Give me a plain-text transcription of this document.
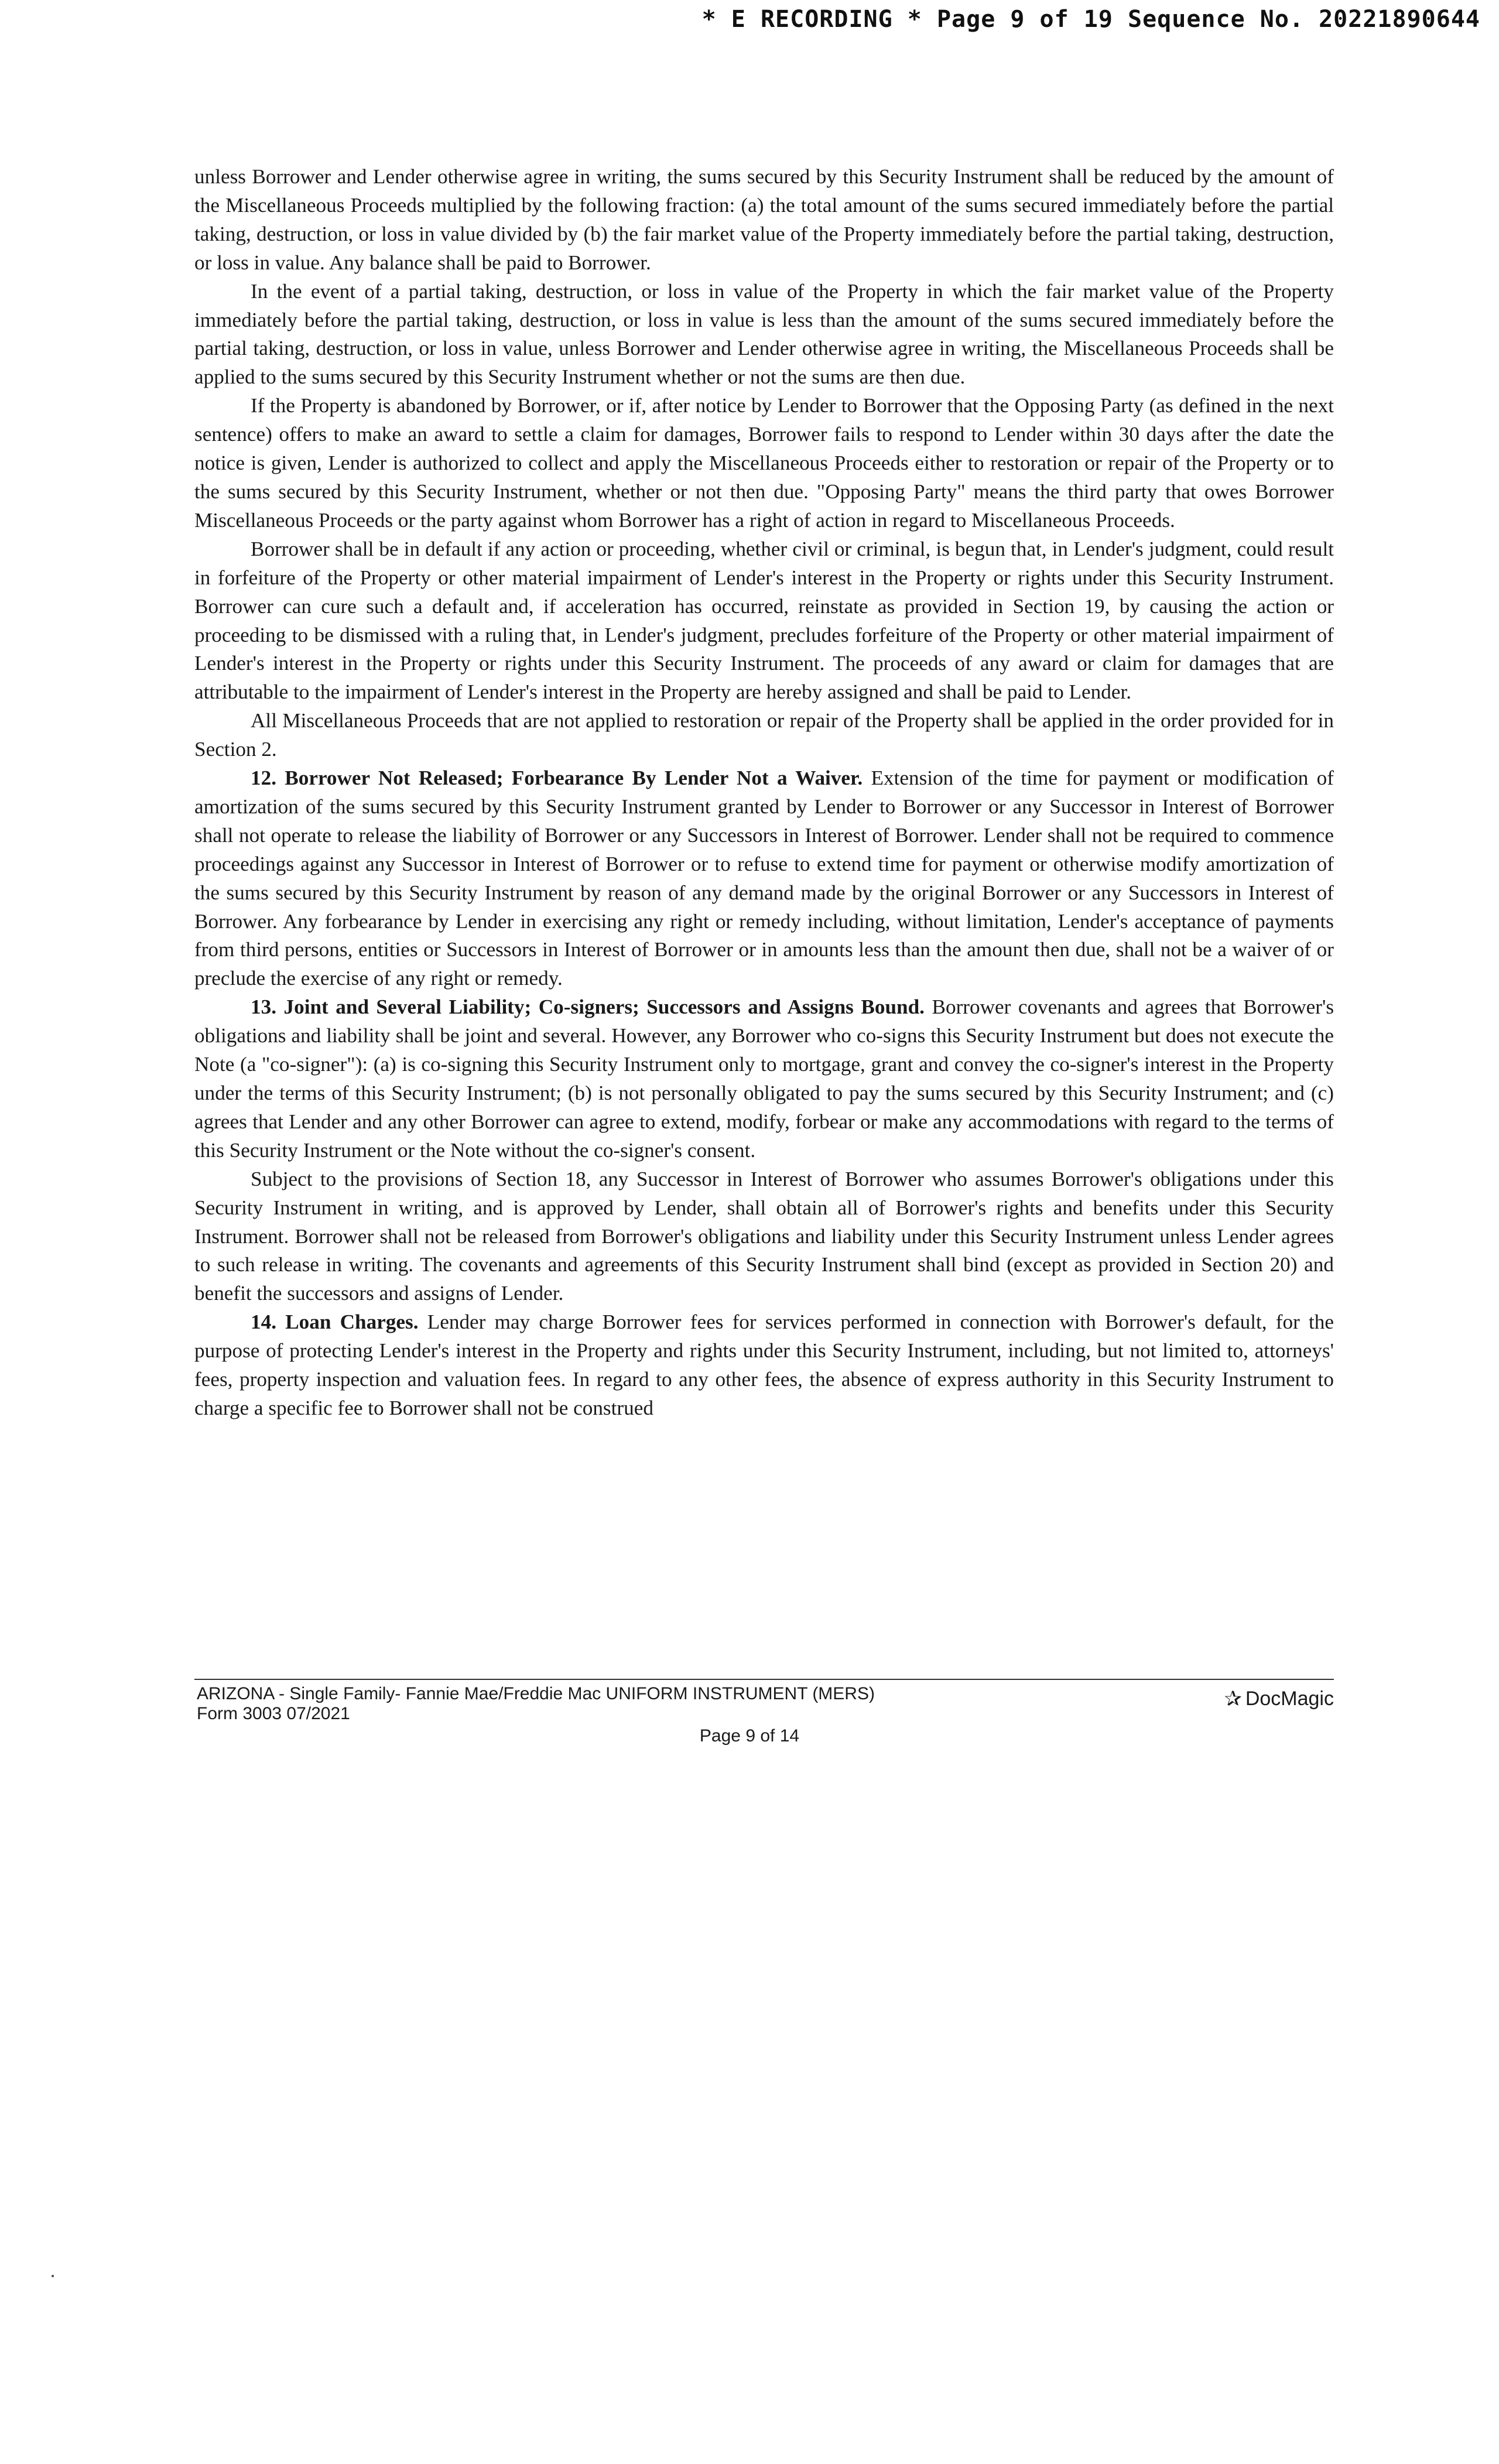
* E RECORDING * Page 9 of 19 Sequence No. 20221890644

unless Borrower and Lender otherwise agree in writing, the sums secured by this Security Instrument shall be reduced by the amount of the Miscellaneous Proceeds multiplied by the following fraction: (a) the total amount of the sums secured immediately before the partial taking, destruction, or loss in value divided by (b) the fair market value of the Property immediately before the partial taking, destruction, or loss in value. Any balance shall be paid to Borrower.

In the event of a partial taking, destruction, or loss in value of the Property in which the fair market value of the Property immediately before the partial taking, destruction, or loss in value is less than the amount of the sums secured immediately before the partial taking, destruction, or loss in value, unless Borrower and Lender otherwise agree in writing, the Miscellaneous Proceeds shall be applied to the sums secured by this Security Instrument whether or not the sums are then due.

If the Property is abandoned by Borrower, or if, after notice by Lender to Borrower that the Opposing Party (as defined in the next sentence) offers to make an award to settle a claim for damages, Borrower fails to respond to Lender within 30 days after the date the notice is given, Lender is authorized to collect and apply the Miscellaneous Proceeds either to restoration or repair of the Property or to the sums secured by this Security Instrument, whether or not then due. "Opposing Party" means the third party that owes Borrower Miscellaneous Proceeds or the party against whom Borrower has a right of action in regard to Miscellaneous Proceeds.

Borrower shall be in default if any action or proceeding, whether civil or criminal, is begun that, in Lender's judgment, could result in forfeiture of the Property or other material impairment of Lender's interest in the Property or rights under this Security Instrument. Borrower can cure such a default and, if acceleration has occurred, reinstate as provided in Section 19, by causing the action or proceeding to be dismissed with a ruling that, in Lender's judgment, precludes forfeiture of the Property or other material impairment of Lender's interest in the Property or rights under this Security Instrument. The proceeds of any award or claim for damages that are attributable to the impairment of Lender's interest in the Property are hereby assigned and shall be paid to Lender.

All Miscellaneous Proceeds that are not applied to restoration or repair of the Property shall be applied in the order provided for in Section 2.

12. Borrower Not Released; Forbearance By Lender Not a Waiver. Extension of the time for payment or modification of amortization of the sums secured by this Security Instrument granted by Lender to Borrower or any Successor in Interest of Borrower shall not operate to release the liability of Borrower or any Successors in Interest of Borrower. Lender shall not be required to commence proceedings against any Successor in Interest of Borrower or to refuse to extend time for payment or otherwise modify amortization of the sums secured by this Security Instrument by reason of any demand made by the original Borrower or any Successors in Interest of Borrower. Any forbearance by Lender in exercising any right or remedy including, without limitation, Lender's acceptance of payments from third persons, entities or Successors in Interest of Borrower or in amounts less than the amount then due, shall not be a waiver of or preclude the exercise of any right or remedy.

13. Joint and Several Liability; Co-signers; Successors and Assigns Bound. Borrower covenants and agrees that Borrower's obligations and liability shall be joint and several. However, any Borrower who co-signs this Security Instrument but does not execute the Note (a "co-signer"): (a) is co-signing this Security Instrument only to mortgage, grant and convey the co-signer's interest in the Property under the terms of this Security Instrument; (b) is not personally obligated to pay the sums secured by this Security Instrument; and (c) agrees that Lender and any other Borrower can agree to extend, modify, forbear or make any accommodations with regard to the terms of this Security Instrument or the Note without the co-signer's consent.

Subject to the provisions of Section 18, any Successor in Interest of Borrower who assumes Borrower's obligations under this Security Instrument in writing, and is approved by Lender, shall obtain all of Borrower's rights and benefits under this Security Instrument. Borrower shall not be released from Borrower's obligations and liability under this Security Instrument unless Lender agrees to such release in writing. The covenants and agreements of this Security Instrument shall bind (except as provided in Section 20) and benefit the successors and assigns of Lender.

14. Loan Charges. Lender may charge Borrower fees for services performed in connection with Borrower's default, for the purpose of protecting Lender's interest in the Property and rights under this Security Instrument, including, but not limited to, attorneys' fees, property inspection and valuation fees. In regard to any other fees, the absence of express authority in this Security Instrument to charge a specific fee to Borrower shall not be construed

ARIZONA - Single Family- Fannie Mae/Freddie Mac UNIFORM INSTRUMENT (MERS)
Form 3003 07/2021
✰ DocMagic
Page 9 of 14
